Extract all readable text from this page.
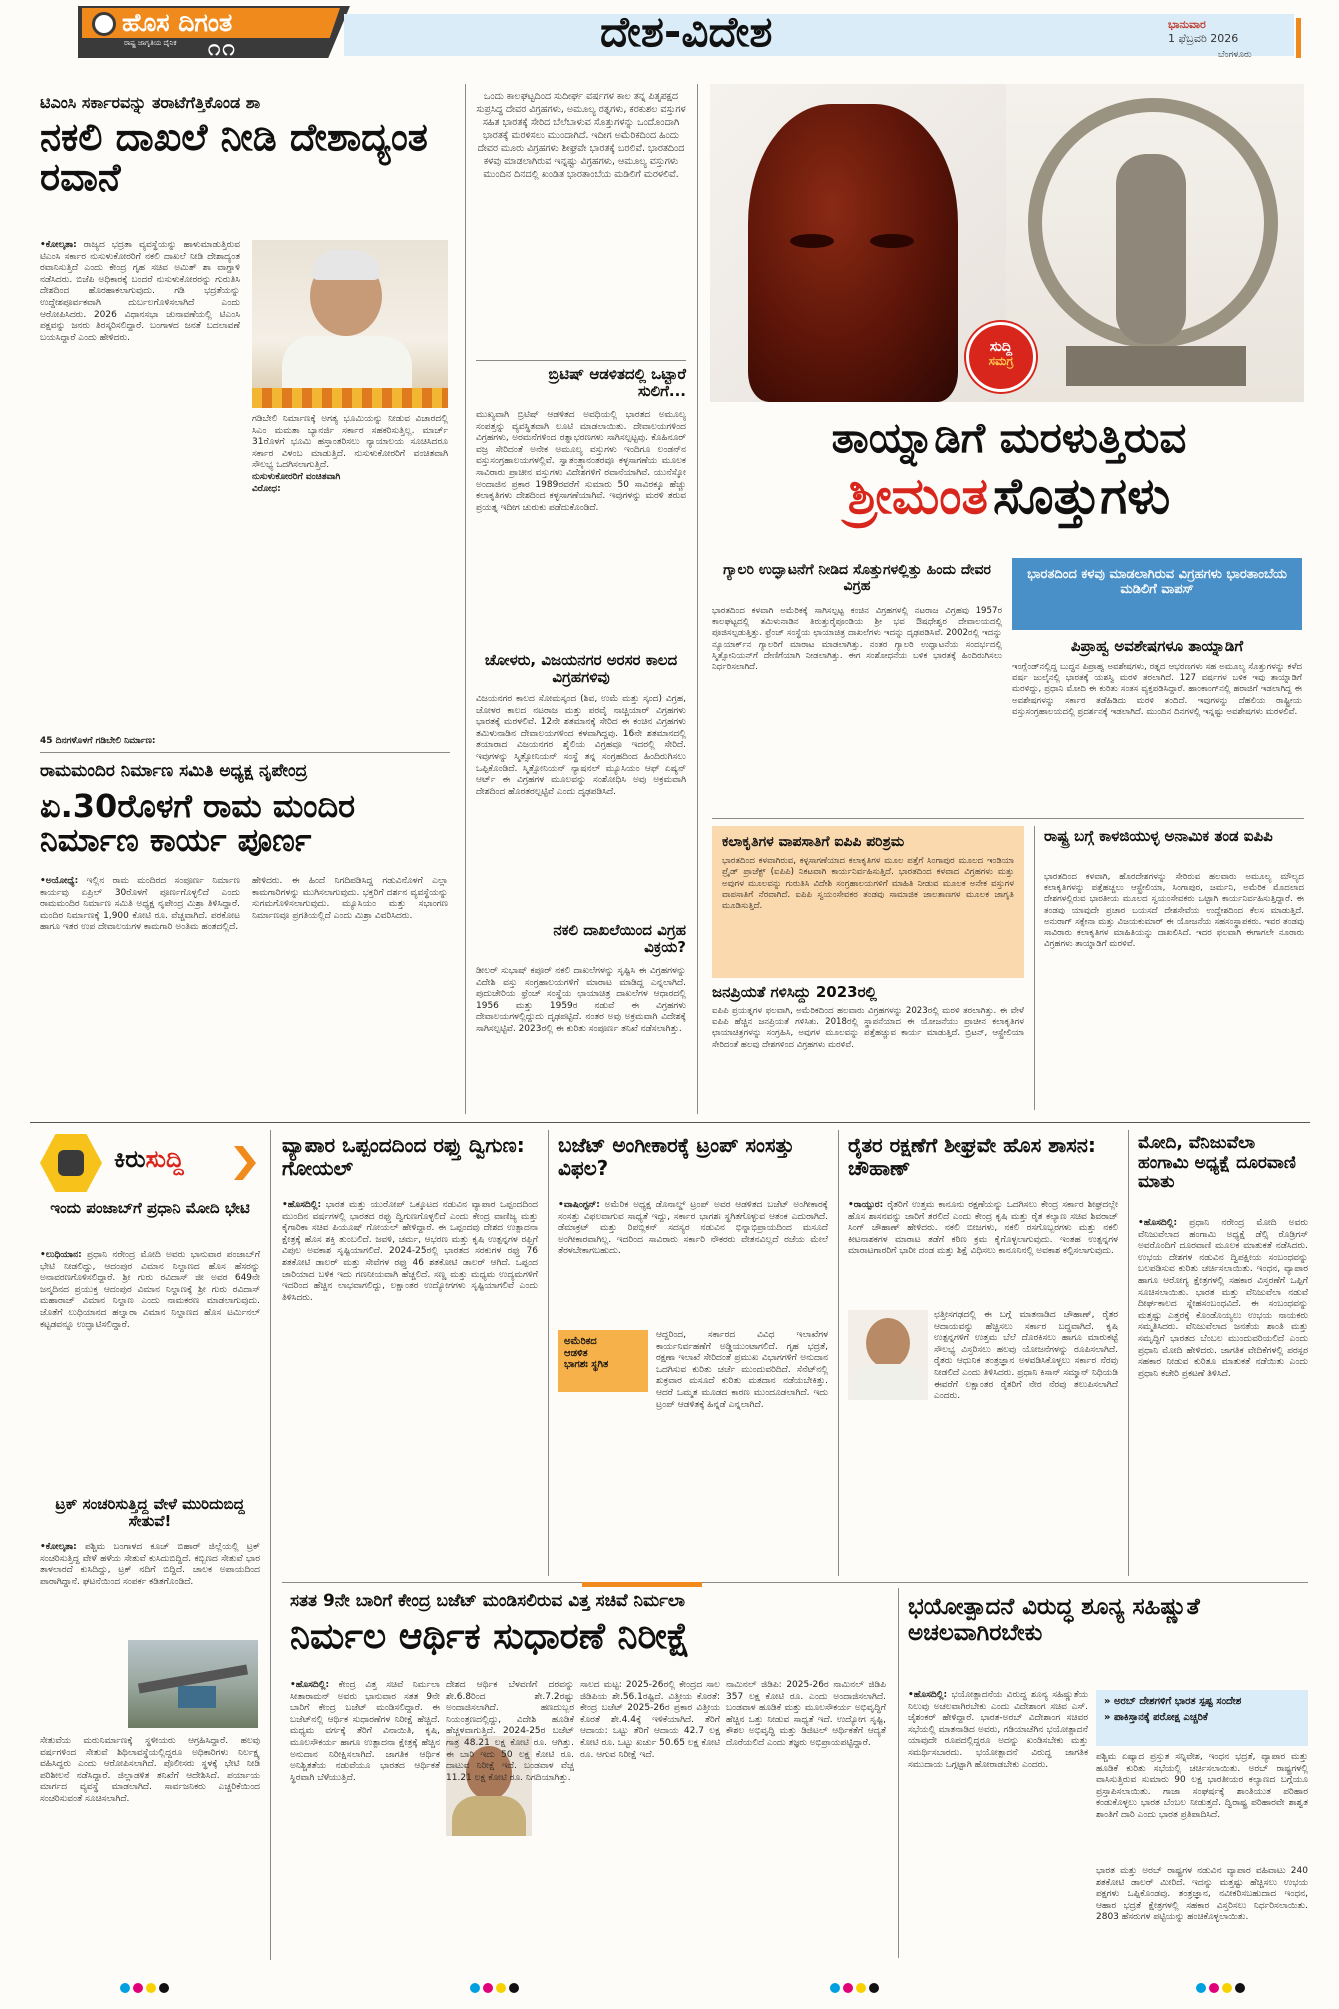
ಹೊಸ ದಿಗಂತ
ರಾಷ್ಟ್ರ ಜಾಗೃತಿಯ ದೈನಿಕ ೧೧	ದೇಶ-ವಿದೇಶ	ಭಾನುವಾರ
1 ಫೆಬ್ರವರಿ 2026
ಬೆಂಗಳೂರು
ಟಿಎಂಸಿ ಸರ್ಕಾರವನ್ನು ತರಾಟೆಗೆತ್ತಿಕೊಂಡ ಶಾ
ನಕಲಿ ದಾಖಲೆ ನೀಡಿ ದೇಶಾದ್ಯಂತ ರವಾನೆ
•ಕೋಲ್ಕತಾ: ರಾಜ್ಯದ ಭದ್ರತಾ ವ್ಯವಸ್ಥೆಯನ್ನು ಹಾಳುಮಾಡುತ್ತಿರುವ ಟಿಎಂಸಿ ಸರ್ಕಾರ ನುಸುಳುಕೋರರಿಗೆ ನಕಲಿ ದಾಖಲೆ ನೀಡಿ ದೇಶಾದ್ಯಂತ ರವಾನಿಸುತ್ತಿದೆ ಎಂದು ಕೇಂದ್ರ ಗೃಹ ಸಚಿವ ಅಮಿತ್ ಶಾ ವಾಗ್ದಾಳಿ ನಡೆಸಿದರು. ಬಿಜೆಪಿ ಅಧಿಕಾರಕ್ಕೆ ಬಂದರೆ ನುಸುಳುಕೋರರನ್ನು ಗುರುತಿಸಿ ದೇಶದಿಂದ ಹೊರಹಾಕಲಾಗುವುದು. ಗಡಿ ಭದ್ರತೆಯನ್ನು ಉದ್ದೇಶಪೂರ್ವಕವಾಗಿ ದುರ್ಬಲಗೊಳಿಸಲಾಗಿದೆ ಎಂದು ಆರೋಪಿಸಿದರು. 2026 ವಿಧಾನಸಭಾ ಚುನಾವಣೆಯಲ್ಲಿ ಟಿಎಂಸಿ ಪಕ್ಷವನ್ನು ಜನರು ತಿರಸ್ಕರಿಸಲಿದ್ದಾರೆ. ಬಂಗಾಳದ ಜನತೆ ಬದಲಾವಣೆ ಬಯಸಿದ್ದಾರೆ ಎಂದು ಹೇಳಿದರು.
ಗಡಿಬೇಲಿ ನಿರ್ಮಾಣಕ್ಕೆ ಅಗತ್ಯ ಭೂಮಿಯನ್ನು ನೀಡುವ ವಿಚಾರದಲ್ಲಿ ಸಿಎಂ ಮಮತಾ ಬ್ಯಾನರ್ಜಿ ಸರ್ಕಾರ ಸಹಕರಿಸುತ್ತಿಲ್ಲ. ಮಾರ್ಚ್ 31ರೊಳಗೆ ಭೂಮಿ ಹಸ್ತಾಂತರಿಸಲು ನ್ಯಾಯಾಲಯ ಸೂಚಿಸಿದರೂ ಸರ್ಕಾರ ವಿಳಂಬ ಮಾಡುತ್ತಿದೆ. ನುಸುಳುಕೋರರಿಗೆ ವಂಚಿತವಾಗಿ ಸೌಲಭ್ಯ ಒದಗಿಸಲಾಗುತ್ತಿದೆ.
ನುಸುಳುಕೋರರಿಗೆ ವಂಚಿತವಾಗಿ
ವಿರೋಧ:
45 ದಿನಗಳೊಳಗೆ ಗಡಿಬೇಲಿ ನಿರ್ಮಾಣ:
ರಾಮಮಂದಿರ ನಿರ್ಮಾಣ ಸಮಿತಿ ಅಧ್ಯಕ್ಷ ನೃಪೇಂದ್ರ
ಏ.30ರೊಳಗೆ ರಾಮ ಮಂದಿರ ನಿರ್ಮಾಣ ಕಾರ್ಯ ಪೂರ್ಣ
•ಅಯೋಧ್ಯೆ: ಇಲ್ಲಿನ ರಾಮ ಮಂದಿರದ ಸಂಪೂರ್ಣ ನಿರ್ಮಾಣ ಕಾರ್ಯವು ಏಪ್ರಿಲ್ 30ರೊಳಗೆ ಪೂರ್ಣಗೊಳ್ಳಲಿದೆ ಎಂದು ರಾಮಮಂದಿರ ನಿರ್ಮಾಣ ಸಮಿತಿ ಅಧ್ಯಕ್ಷ ನೃಪೇಂದ್ರ ಮಿಶ್ರಾ ತಿಳಿಸಿದ್ದಾರೆ. ಮಂದಿರ ನಿರ್ಮಾಣಕ್ಕೆ 1,900 ಕೋಟಿ ರೂ. ವೆಚ್ಚವಾಗಿದೆ. ಪರಕೋಟ ಹಾಗೂ ಇತರ ಉಪ ದೇವಾಲಯಗಳ ಕಾಮಗಾರಿ ಅಂತಿಮ ಹಂತದಲ್ಲಿದೆ.
ಹೇಳಿದರು. ಈ ಹಿಂದೆ ನಿಗದಿಪಡಿಸಿದ್ದ ಗಡುವಿನೊಳಗೆ ಎಲ್ಲಾ ಕಾಮಗಾರಿಗಳನ್ನು ಮುಗಿಸಲಾಗುವುದು. ಭಕ್ತರಿಗೆ ದರ್ಶನ ವ್ಯವಸ್ಥೆಯನ್ನು ಸುಗಮಗೊಳಿಸಲಾಗುವುದು. ಮ್ಯೂಸಿಯಂ ಮತ್ತು ಸಭಾಂಗಣ ನಿರ್ಮಾಣವೂ ಪ್ರಗತಿಯಲ್ಲಿದೆ ಎಂದು ಮಿಶ್ರಾ ವಿವರಿಸಿದರು.
ಒಂದು ಕಾಲಘಟ್ಟದಿಂದ ಸುದೀರ್ಘ ವರ್ಷಗಳ ಕಾಲ ತನ್ನ ಪಿತೃಪಕ್ಷದ ಸುಪ್ರಸಿದ್ಧ ದೇವರ ವಿಗ್ರಹಗಳು, ಅಮೂಲ್ಯ ರತ್ನಗಳು, ಕರಕುಶಲ ವಸ್ತುಗಳ ಸಹಿತ ಭಾರತಕ್ಕೆ ಸೇರಿದ ಬೆಲೆಬಾಳುವ ಸೊತ್ತುಗಳನ್ನು ಒಂದೊಂದಾಗಿ ಭಾರತಕ್ಕೆ ಮರಳಿಸಲು ಮುಂದಾಗಿದೆ. ಇದೀಗ ಅಮೆರಿಕದಿಂದ ಹಿಂದು ದೇವರ ಮೂರು ವಿಗ್ರಹಗಳು ಶೀಘ್ರವೇ ಭಾರತಕ್ಕೆ ಬರಲಿವೆ. ಭಾರತದಿಂದ ಕಳವು ಮಾಡಲಾಗಿರುವ ಇನ್ನಷ್ಟು ವಿಗ್ರಹಗಳು, ಆಮೂಲ್ಯ ವಸ್ತುಗಳು ಮುಂದಿನ ದಿನದಲ್ಲಿ ಖಂಡಿತ ಭಾರತಾಂಬೆಯ ಮಡಿಲಿಗೆ ಮರಳಲಿವೆ.
ಬ್ರಿಟಿಷ್ ಆಡಳಿತದಲ್ಲಿ ಒಟ್ಟಾರೆ ಸುಲಿಗೆ...
ಮುಖ್ಯವಾಗಿ ಬ್ರಿಟಿಷ್ ಆಡಳಿತದ ಅವಧಿಯಲ್ಲಿ ಭಾರತದ ಅಮೂಲ್ಯ ಸಂಪತ್ತನ್ನು ವ್ಯವಸ್ಥಿತವಾಗಿ ಲೂಟಿ ಮಾಡಲಾಯಿತು. ದೇವಾಲಯಗಳಿಂದ ವಿಗ್ರಹಗಳು, ಅರಮನೆಗಳಿಂದ ರತ್ನಾಭರಣಗಳು ಸಾಗಿಸಲ್ಪಟ್ಟವು. ಕೊಹಿನೂರ್ ವಜ್ರ ಸೇರಿದಂತೆ ಅನೇಕ ಅಮೂಲ್ಯ ವಸ್ತುಗಳು ಇಂದಿಗೂ ಲಂಡನ್‌ನ ವಸ್ತುಸಂಗ್ರಹಾಲಯಗಳಲ್ಲಿವೆ. ಸ್ವಾತಂತ್ರ್ಯಾನಂತರವೂ ಕಳ್ಳಸಾಗಣೆಯ ಮೂಲಕ ಸಾವಿರಾರು ಪ್ರಾಚೀನ ವಸ್ತುಗಳು ವಿದೇಶಗಳಿಗೆ ರವಾನೆಯಾಗಿವೆ. ಯುನೆಸ್ಕೋ ಅಂದಾಜಿನ ಪ್ರಕಾರ 1989ರವರೆಗೆ ಸುಮಾರು 50 ಸಾವಿರಕ್ಕೂ ಹೆಚ್ಚು ಕಲಾಕೃತಿಗಳು ದೇಶದಿಂದ ಕಳ್ಳಸಾಗಣೆಯಾಗಿವೆ. ಇವುಗಳನ್ನು ಮರಳಿ ತರುವ ಪ್ರಯತ್ನ ಇದೀಗ ಚುರುಕು ಪಡೆದುಕೊಂಡಿದೆ.
ಚೋಳರು, ವಿಜಯನಗರ ಅರಸರ ಕಾಲದ ವಿಗ್ರಹಗಳಿವು
ವಿಜಯನಗರ ಕಾಲದ ಸೋಮಸ್ಕಂದ (ಶಿವ, ಉಮೆ ಮತ್ತು ಸ್ಕಂದ) ವಿಗ್ರಹ, ಚೋಳರ ಕಾಲದ ನಟರಾಜ ಮತ್ತು ಪರವೈ ನಾಚ್ಚಿಯಾರ್ ವಿಗ್ರಹಗಳು ಭಾರತಕ್ಕೆ ಮರಳಲಿವೆ. 12ನೇ ಶತಮಾನಕ್ಕೆ ಸೇರಿದ ಈ ಕಂಚಿನ ವಿಗ್ರಹಗಳು ತಮಿಳುನಾಡಿನ ದೇವಾಲಯಗಳಿಂದ ಕಳವಾಗಿದ್ದವು. 16ನೇ ಶತಮಾನದಲ್ಲಿ ತಯಾರಾದ ವಿಜಯನಗರ ಶೈಲಿಯ ವಿಗ್ರಹವೂ ಇದರಲ್ಲಿ ಸೇರಿದೆ. ಇವುಗಳನ್ನು ಸ್ಮಿತ್ಸೋನಿಯನ್ ಸಂಸ್ಥೆ ತನ್ನ ಸಂಗ್ರಹದಿಂದ ಹಿಂದಿರುಗಿಸಲು ಒಪ್ಪಿಕೊಂಡಿದೆ. ಸ್ಮಿತ್ಸೋನಿಯನ್ ನ್ಯಾಷನಲ್ ಮ್ಯೂಸಿಯಂ ಆಫ್ ಏಷ್ಯನ್ ಆರ್ಟ್ ಈ ವಿಗ್ರಹಗಳ ಮೂಲವನ್ನು ಸಂಶೋಧಿಸಿ ಅವು ಅಕ್ರಮವಾಗಿ ದೇಶದಿಂದ ಹೊರತರಲ್ಪಟ್ಟಿವೆ ಎಂದು ದೃಢಪಡಿಸಿದೆ.
ನಕಲಿ ದಾಖಲೆಯಿಂದ ವಿಗ್ರಹ ವಿಕ್ರಯ?
ಡೀಲರ್ ಸುಭಾಷ್ ಕಪೂರ್ ನಕಲಿ ದಾಖಲೆಗಳನ್ನು ಸೃಷ್ಟಿಸಿ ಈ ವಿಗ್ರಹಗಳನ್ನು ವಿದೇಶಿ ವಸ್ತು ಸಂಗ್ರಹಾಲಯಗಳಿಗೆ ಮಾರಾಟ ಮಾಡಿದ್ದ ಎನ್ನಲಾಗಿದೆ. ಪುದುಚೇರಿಯ ಫ್ರೆಂಚ್ ಸಂಸ್ಥೆಯ ಛಾಯಾಚಿತ್ರ ದಾಖಲೆಗಳ ಆಧಾರದಲ್ಲಿ 1956 ಮತ್ತು 1959ರ ನಡುವೆ ಈ ವಿಗ್ರಹಗಳು ದೇವಾಲಯಗಳಲ್ಲಿದ್ದುದು ದೃಢಪಟ್ಟಿದೆ. ನಂತರ ಅವು ಅಕ್ರಮವಾಗಿ ವಿದೇಶಕ್ಕೆ ಸಾಗಿಸಲ್ಪಟ್ಟಿವೆ. 2023ರಲ್ಲಿ ಈ ಕುರಿತು ಸಂಪೂರ್ಣ ತನಿಖೆ ನಡೆಸಲಾಗಿತ್ತು.
ಸುದ್ದಿ
ಸಮಗ್ರ
ತಾಯ್ನಾಡಿಗೆ ಮರಳುತ್ತಿರುವ
ಶ್ರೀಮಂತ ಸೊತ್ತುಗಳು
ಗ್ಯಾಲರಿ ಉದ್ಘಾಟನೆಗೆ ನೀಡಿದ ಸೊತ್ತುಗಳಲ್ಲಿತ್ತು ಹಿಂದು ದೇವರ ವಿಗ್ರಹ
ಭಾರತದಿಂದ ಕಳವಾಗಿ ಅಮೆರಿಕಕ್ಕೆ ಸಾಗಿಸಲ್ಪಟ್ಟ ಕಂಚಿನ ವಿಗ್ರಹಗಳಲ್ಲಿ ನಟರಾಜ ವಿಗ್ರಹವು 1957ರ ಕಾಲಘಟ್ಟದಲ್ಲಿ ತಮಿಳುನಾಡಿನ ತಿರುತ್ತುರೈಪೂಂಡಿಯ ಶ್ರೀ ಭವ ಔಷಧೇಶ್ವರ ದೇವಾಲಯದಲ್ಲಿ ಪೂಜಿಸಲ್ಪಡುತ್ತಿತ್ತು. ಫ್ರೆಂಚ್ ಸಂಸ್ಥೆಯ ಛಾಯಾಚಿತ್ರ ದಾಖಲೆಗಳು ಇದನ್ನು ದೃಢಪಡಿಸಿವೆ. 2002ರಲ್ಲಿ ಇದನ್ನು ನ್ಯೂಯಾರ್ಕ್‌ನ ಗ್ಯಾಲರಿಗೆ ಮಾರಾಟ ಮಾಡಲಾಗಿತ್ತು. ನಂತರ ಗ್ಯಾಲರಿ ಉದ್ಘಾಟನೆಯ ಸಂದರ್ಭದಲ್ಲಿ ಸ್ಮಿತ್ಸೋನಿಯನ್‌ಗೆ ದೇಣಿಗೆಯಾಗಿ ನೀಡಲಾಗಿತ್ತು. ಈಗ ಸಂಶೋಧನೆಯ ಬಳಿಕ ಭಾರತಕ್ಕೆ ಹಿಂದಿರುಗಿಸಲು ನಿರ್ಧರಿಸಲಾಗಿದೆ.
ಭಾರತದಿಂದ ಕಳವು ಮಾಡಲಾಗಿರುವ ವಿಗ್ರಹಗಳು ಭಾರತಾಂಬೆಯ ಮಡಿಲಿಗೆ ವಾಪಸ್
ಪಿಪ್ರಾಹ್ವ ಅವಶೇಷಗಳೂ ತಾಯ್ನಾಡಿಗೆ
ಇಂಗ್ಲೆಂಡ್‌ನಲ್ಲಿದ್ದ ಬುದ್ಧನ ಪಿಪ್ರಾಹ್ವ ಅವಶೇಷಗಳು, ರತ್ನದ ಆಭರಣಗಳು ಸಹ ಅಮೂಲ್ಯ ಸೊತ್ತುಗಳನ್ನು ಕಳೆದ ವರ್ಷ ಜುಲೈನಲ್ಲಿ ಭಾರತಕ್ಕೆ ಯಶಸ್ವಿ ಮರಳಿ ತರಲಾಗಿದೆ. 127 ವರ್ಷಗಳ ಬಳಿಕ ಇವು ತಾಯ್ನಾಡಿಗೆ ಮರಳಿದ್ದು, ಪ್ರಧಾನಿ ಮೋದಿ ಈ ಕುರಿತು ಸಂತಸ ವ್ಯಕ್ತಪಡಿಸಿದ್ದಾರೆ. ಹಾಂಕಾಂಗ್‌ನಲ್ಲಿ ಹರಾಜಿಗೆ ಇಡಲಾಗಿದ್ದ ಈ ಅವಶೇಷಗಳನ್ನು ಸರ್ಕಾರ ತಡೆಹಿಡಿದು ಮರಳಿ ತಂದಿದೆ. ಇವುಗಳನ್ನು ದೆಹಲಿಯ ರಾಷ್ಟ್ರೀಯ ವಸ್ತುಸಂಗ್ರಹಾಲಯದಲ್ಲಿ ಪ್ರದರ್ಶನಕ್ಕೆ ಇಡಲಾಗಿದೆ. ಮುಂದಿನ ದಿನಗಳಲ್ಲಿ ಇನ್ನಷ್ಟು ಅವಶೇಷಗಳು ಮರಳಲಿವೆ.
ಕಲಾಕೃತಿಗಳ ವಾಪಸಾತಿಗೆ ಐಪಿಪಿ ಪರಿಶ್ರಮ
ಭಾರತದಿಂದ ಕಳವಾಗಿರುವ, ಕಳ್ಳಸಾಗಣೆಯಾದ ಕಲಾಕೃತಿಗಳ ಮೂಲ ಪತ್ತೆಗೆ ಸಿಂಗಾಪುರ ಮೂಲದ ಇಂಡಿಯಾ ಪ್ರೈಡ್ ಪ್ರಾಜೆಕ್ಟ್ (ಐಪಿಪಿ) ನಿಕಟವಾಗಿ ಕಾರ್ಯನಿರ್ವಹಿಸುತ್ತಿದೆ. ಭಾರತದಿಂದ ಕಳವಾದ ವಿಗ್ರಹಗಳು ಮತ್ತು ಅವುಗಳ ಮೂಲವನ್ನು ಗುರುತಿಸಿ ವಿದೇಶಿ ಸಂಗ್ರಹಾಲಯಗಳಿಗೆ ಮಾಹಿತಿ ನೀಡುವ ಮೂಲಕ ಅನೇಕ ವಸ್ತುಗಳ ವಾಪಸಾತಿಗೆ ನೆರವಾಗಿದೆ. ಐಪಿಪಿ ಸ್ವಯಂಸೇವಕರ ತಂಡವು ಸಾಮಾಜಿಕ ಜಾಲತಾಣಗಳ ಮೂಲಕ ಜಾಗೃತಿ ಮೂಡಿಸುತ್ತಿದೆ.
ಜನಪ್ರಿಯತೆ ಗಳಿಸಿದ್ದು 2023ರಲ್ಲಿ
ಐಪಿಪಿ ಪ್ರಯತ್ನಗಳ ಫಲವಾಗಿ, ಅಮೆರಿಕದಿಂದ ಹಲವಾರು ವಿಗ್ರಹಗಳನ್ನು 2023ರಲ್ಲಿ ಮರಳಿ ತರಲಾಗಿತ್ತು. ಈ ವೇಳೆ ಐಪಿಪಿ ಹೆಚ್ಚಿನ ಜನಪ್ರಿಯತೆ ಗಳಿಸಿತು. 2018ರಲ್ಲಿ ಸ್ಥಾಪನೆಯಾದ ಈ ಯೋಜನೆಯು ಪ್ರಾಚೀನ ಕಲಾಕೃತಿಗಳ ಛಾಯಾಚಿತ್ರಗಳನ್ನು ಸಂಗ್ರಹಿಸಿ, ಅವುಗಳ ಮೂಲವನ್ನು ಪತ್ತೆಹಚ್ಚುವ ಕಾರ್ಯ ಮಾಡುತ್ತಿದೆ. ಬ್ರಿಟನ್, ಆಸ್ಟ್ರೇಲಿಯಾ ಸೇರಿದಂತೆ ಹಲವು ದೇಶಗಳಿಂದ ವಿಗ್ರಹಗಳು ಮರಳಿವೆ.
ರಾಷ್ಟ್ರ ಬಗ್ಗೆ ಕಾಳಜಿಯುಳ್ಳ ಅನಾಮಿಕ ತಂಡ ಐಪಿಪಿ
ಭಾರತದಿಂದ ಕಳವಾಗಿ, ಹೊರದೇಶಗಳನ್ನು ಸೇರಿರುವ ಹಲವಾರು ಅಮೂಲ್ಯ ಮೌಲ್ಯದ ಕಲಾಕೃತಿಗಳನ್ನು ಪತ್ತೆಹಚ್ಚಲು ಆಸ್ಟ್ರೇಲಿಯಾ, ಸಿಂಗಾಪುರ, ಜರ್ಮನಿ, ಅಮೆರಿಕ ಮೊದಲಾದ ದೇಶಗಳಲ್ಲಿರುವ ಭಾರತೀಯ ಮೂಲದ ಸ್ವಯಂಸೇವಕರು ಒಟ್ಟಾಗಿ ಕಾರ್ಯನಿರ್ವಹಿಸುತ್ತಿದ್ದಾರೆ. ಈ ತಂಡವು ಯಾವುದೇ ಪ್ರಚಾರ ಬಯಸದೆ ದೇಶಸೇವೆಯ ಉದ್ದೇಶದಿಂದ ಕೆಲಸ ಮಾಡುತ್ತಿದೆ. ಅನುರಾಗ್ ಸಕ್ಸೇನಾ ಮತ್ತು ವಿಜಯಕುಮಾರ್ ಈ ಯೋಜನೆಯ ಸಹಸಂಸ್ಥಾಪಕರು. ಇವರ ತಂಡವು ಸಾವಿರಾರು ಕಲಾಕೃತಿಗಳ ಮಾಹಿತಿಯನ್ನು ದಾಖಲಿಸಿದೆ. ಇದರ ಫಲವಾಗಿ ಈಗಾಗಲೇ ನೂರಾರು ವಿಗ್ರಹಗಳು ತಾಯ್ನಾಡಿಗೆ ಮರಳಿವೆ.
ಕಿರುಸುದ್ದಿ
ಇಂದು ಪಂಜಾಬ್‌ಗೆ ಪ್ರಧಾನಿ ಮೋದಿ ಭೇಟಿ
•ಲುಧಿಯಾನ: ಪ್ರಧಾನಿ ನರೇಂದ್ರ ಮೋದಿ ಅವರು ಭಾನುವಾರ ಪಂಜಾಬ್‌ಗೆ ಭೇಟಿ ನೀಡಲಿದ್ದು, ಆದಂಪುರ ವಿಮಾನ ನಿಲ್ದಾಣದ ಹೊಸ ಹೆಸರನ್ನು ಅನಾವರಣಗೊಳಿಸಲಿದ್ದಾರೆ. ಶ್ರೀ ಗುರು ರವಿದಾಸ್ ಜೀ ಅವರ 649ನೇ ಜನ್ಮದಿನದ ಪ್ರಯುಕ್ತ ಆದಂಪುರ ವಿಮಾನ ನಿಲ್ದಾಣಕ್ಕೆ ಶ್ರೀ ಗುರು ರವಿದಾಸ್ ಮಹಾರಾಜ್ ವಿಮಾನ ನಿಲ್ದಾಣ ಎಂದು ನಾಮಕರಣ ಮಾಡಲಾಗುವುದು. ಜೊತೆಗೆ ಲುಧಿಯಾನದ ಹಲ್ವಾರಾ ವಿಮಾನ ನಿಲ್ದಾಣದ ಹೊಸ ಟರ್ಮಿನಲ್ ಕಟ್ಟಡವನ್ನೂ ಉದ್ಘಾಟಿಸಲಿದ್ದಾರೆ.
ಟ್ರಕ್ ಸಂಚರಿಸುತ್ತಿದ್ದ ವೇಳೆ ಮುರಿದುಬಿದ್ದ ಸೇತುವೆ!
•ಕೋಲ್ಕತಾ: ಪಶ್ಚಿಮ ಬಂಗಾಳದ ಕೂಚ್ ಬಿಹಾರ್ ಜಿಲ್ಲೆಯಲ್ಲಿ ಟ್ರಕ್ ಸಂಚರಿಸುತ್ತಿದ್ದ ವೇಳೆ ಹಳೆಯ ಸೇತುವೆ ಕುಸಿದುಬಿದ್ದಿದೆ. ಕಬ್ಬಿಣದ ಸೇತುವೆ ಭಾರ ತಾಳಲಾರದೆ ಕುಸಿದಿದ್ದು, ಟ್ರಕ್ ನದಿಗೆ ಬಿದ್ದಿದೆ. ಚಾಲಕ ಅಪಾಯದಿಂದ ಪಾರಾಗಿದ್ದಾನೆ. ಘಟನೆಯಿಂದ ಸಂಪರ್ಕ ಕಡಿತಗೊಂಡಿದೆ.
ಸೇತುವೆಯ ಮರುನಿರ್ಮಾಣಕ್ಕೆ ಸ್ಥಳೀಯರು ಆಗ್ರಹಿಸಿದ್ದಾರೆ. ಹಲವು ವರ್ಷಗಳಿಂದ ಸೇತುವೆ ಶಿಥಿಲಾವಸ್ಥೆಯಲ್ಲಿದ್ದರೂ ಅಧಿಕಾರಿಗಳು ನಿರ್ಲಕ್ಷ್ಯ ವಹಿಸಿದ್ದರು ಎಂದು ಆರೋಪಿಸಲಾಗಿದೆ. ಪೊಲೀಸರು ಸ್ಥಳಕ್ಕೆ ಭೇಟಿ ನೀಡಿ ಪರಿಶೀಲನೆ ನಡೆಸಿದ್ದಾರೆ. ಜಿಲ್ಲಾಡಳಿತ ತನಿಖೆಗೆ ಆದೇಶಿಸಿದೆ. ಪರ್ಯಾಯ ಮಾರ್ಗದ ವ್ಯವಸ್ಥೆ ಮಾಡಲಾಗಿದೆ. ಸಾರ್ವಜನಿಕರು ಎಚ್ಚರಿಕೆಯಿಂದ ಸಂಚರಿಸುವಂತೆ ಸೂಚಿಸಲಾಗಿದೆ.
ವ್ಯಾಪಾರ ಒಪ್ಪಂದದಿಂದ ರಫ್ತು ದ್ವಿಗುಣ: ಗೋಯಲ್
•ಹೊಸದಿಲ್ಲಿ: ಭಾರತ ಮತ್ತು ಯುರೋಪ್ ಒಕ್ಕೂಟದ ನಡುವಿನ ವ್ಯಾಪಾರ ಒಪ್ಪಂದದಿಂದ ಮುಂದಿನ ವರ್ಷಗಳಲ್ಲಿ ಭಾರತದ ರಫ್ತು ದ್ವಿಗುಣಗೊಳ್ಳಲಿದೆ ಎಂದು ಕೇಂದ್ರ ವಾಣಿಜ್ಯ ಮತ್ತು ಕೈಗಾರಿಕಾ ಸಚಿವ ಪಿಯೂಷ್ ಗೋಯಲ್ ಹೇಳಿದ್ದಾರೆ. ಈ ಒಪ್ಪಂದವು ದೇಶದ ಉತ್ಪಾದನಾ ಕ್ಷೇತ್ರಕ್ಕೆ ಹೊಸ ಶಕ್ತಿ ತುಂಬಲಿದೆ. ಜವಳಿ, ಚರ್ಮ, ಆಭರಣ ಮತ್ತು ಕೃಷಿ ಉತ್ಪನ್ನಗಳ ರಫ್ತಿಗೆ ವಿಪುಲ ಅವಕಾಶ ಸೃಷ್ಟಿಯಾಗಲಿದೆ. 2024-25ರಲ್ಲಿ ಭಾರತದ ಸರಕುಗಳ ರಫ್ತು 76 ಶತಕೋಟಿ ಡಾಲರ್ ಮತ್ತು ಸೇವೆಗಳ ರಫ್ತು 46 ಶತಕೋಟಿ ಡಾಲರ್ ಆಗಿದೆ. ಒಪ್ಪಂದ ಜಾರಿಯಾದ ಬಳಿಕ ಇದು ಗಣನೀಯವಾಗಿ ಹೆಚ್ಚಲಿದೆ. ಸಣ್ಣ ಮತ್ತು ಮಧ್ಯಮ ಉದ್ಯಮಗಳಿಗೆ ಇದರಿಂದ ಹೆಚ್ಚಿನ ಲಾಭವಾಗಲಿದ್ದು, ಲಕ್ಷಾಂತರ ಉದ್ಯೋಗಗಳು ಸೃಷ್ಟಿಯಾಗಲಿವೆ ಎಂದು ತಿಳಿಸಿದರು.
ಬಜೆಟ್ ಅಂಗೀಕಾರಕ್ಕೆ ಟ್ರಂಪ್ ಸಂಸತ್ತು ವಿಫಲ?
•ವಾಷಿಂಗ್ಟನ್: ಅಮೆರಿಕ ಅಧ್ಯಕ್ಷ ಡೊನಾಲ್ಡ್ ಟ್ರಂಪ್ ಅವರ ಆಡಳಿತದ ಬಜೆಟ್ ಅಂಗೀಕಾರಕ್ಕೆ ಸಂಸತ್ತು ವಿಫಲವಾಗುವ ಸಾಧ್ಯತೆ ಇದ್ದು, ಸರ್ಕಾರ ಭಾಗಶಃ ಸ್ಥಗಿತಗೊಳ್ಳುವ ಆತಂಕ ಎದುರಾಗಿದೆ. ಡೆಮಾಕ್ರಟ್ ಮತ್ತು ರಿಪಬ್ಲಿಕನ್ ಸದಸ್ಯರ ನಡುವಿನ ಭಿನ್ನಾಭಿಪ್ರಾಯದಿಂದ ಮಸೂದೆ ಅಂಗೀಕಾರವಾಗಿಲ್ಲ. ಇದರಿಂದ ಸಾವಿರಾರು ಸರ್ಕಾರಿ ನೌಕರರು ವೇತನವಿಲ್ಲದೆ ರಜೆಯ ಮೇಲೆ ತೆರಳಬೇಕಾಗಬಹುದು.
ಅಮೆರಿಕದ
ಆಡಳಿತ
ಭಾಗಶಃ ಸ್ಥಗಿತ
ಆದ್ದರಿಂದ, ಸರ್ಕಾರದ ವಿವಿಧ ಇಲಾಖೆಗಳ ಕಾರ್ಯನಿರ್ವಹಣೆಗೆ ಅಡ್ಡಿಯುಂಟಾಗಲಿದೆ. ಗೃಹ ಭದ್ರತೆ, ರಕ್ಷಣಾ ಇಲಾಖೆ ಸೇರಿದಂತೆ ಪ್ರಮುಖ ವಿಭಾಗಗಳಿಗೆ ಅನುದಾನ ಒದಗಿಸುವ ಕುರಿತು ಚರ್ಚೆ ಮುಂದುವರಿದಿದೆ. ಸೆನೆಟ್‌ನಲ್ಲಿ ಶುಕ್ರವಾರ ಮಸೂದೆ ಕುರಿತು ಮತದಾನ ನಡೆಯಬೇಕಿತ್ತು. ಆದರೆ ಒಮ್ಮತ ಮೂಡದ ಕಾರಣ ಮುಂದೂಡಲಾಗಿದೆ. ಇದು ಟ್ರಂಪ್ ಆಡಳಿತಕ್ಕೆ ಹಿನ್ನಡೆ ಎನ್ನಲಾಗಿದೆ.
ರೈತರ ರಕ್ಷಣೆಗೆ ಶೀಘ್ರವೇ ಹೊಸ ಶಾಸನ: ಚೌಹಾಣ್
•ರಾಯ್ಪುರ: ರೈತರಿಗೆ ಉತ್ತಮ ಕಾನೂನು ರಕ್ಷಣೆಯನ್ನು ಒದಗಿಸಲು ಕೇಂದ್ರ ಸರ್ಕಾರ ಶೀಘ್ರದಲ್ಲೇ ಹೊಸ ಶಾಸನವನ್ನು ಜಾರಿಗೆ ತರಲಿದೆ ಎಂದು ಕೇಂದ್ರ ಕೃಷಿ ಮತ್ತು ರೈತ ಕಲ್ಯಾಣ ಸಚಿವ ಶಿವರಾಜ್ ಸಿಂಗ್ ಚೌಹಾಣ್ ಹೇಳಿದರು. ನಕಲಿ ಬೀಜಗಳು, ನಕಲಿ ರಸಗೊಬ್ಬರಗಳು ಮತ್ತು ನಕಲಿ ಕೀಟನಾಶಕಗಳ ಮಾರಾಟ ತಡೆಗೆ ಕಠಿಣ ಕ್ರಮ ಕೈಗೊಳ್ಳಲಾಗುವುದು. ಇಂತಹ ಉತ್ಪನ್ನಗಳ ಮಾರಾಟಗಾರರಿಗೆ ಭಾರೀ ದಂಡ ಮತ್ತು ಶಿಕ್ಷೆ ವಿಧಿಸಲು ಕಾನೂನಿನಲ್ಲಿ ಅವಕಾಶ ಕಲ್ಪಿಸಲಾಗುವುದು.
ಛತ್ತೀಸಗಢದಲ್ಲಿ ಈ ಬಗ್ಗೆ ಮಾತನಾಡಿದ ಚೌಹಾಣ್, ರೈತರ ಆದಾಯವನ್ನು ಹೆಚ್ಚಿಸಲು ಸರ್ಕಾರ ಬದ್ಧವಾಗಿದೆ. ಕೃಷಿ ಉತ್ಪನ್ನಗಳಿಗೆ ಉತ್ತಮ ಬೆಲೆ ದೊರಕಿಸಲು ಹಾಗೂ ಮಾರುಕಟ್ಟೆ ಸೌಲಭ್ಯ ವಿಸ್ತರಿಸಲು ಹಲವು ಯೋಜನೆಗಳನ್ನು ರೂಪಿಸಲಾಗಿದೆ. ರೈತರು ಆಧುನಿಕ ತಂತ್ರಜ್ಞಾನ ಅಳವಡಿಸಿಕೊಳ್ಳಲು ಸರ್ಕಾರ ನೆರವು ನೀಡಲಿದೆ ಎಂದು ತಿಳಿಸಿದರು. ಪ್ರಧಾನಿ ಕಿಸಾನ್ ಸಮ್ಮಾನ್ ನಿಧಿಯಡಿ ಈವರೆಗೆ ಲಕ್ಷಾಂತರ ರೈತರಿಗೆ ನೇರ ನೆರವು ತಲುಪಿಸಲಾಗಿದೆ ಎಂದರು.
ಮೋದಿ, ವೆನಿಜುವೆಲಾ ಹಂಗಾಮಿ ಅಧ್ಯಕ್ಷೆ ದೂರವಾಣಿ ಮಾತು
•ಹೊಸದಿಲ್ಲಿ: ಪ್ರಧಾನಿ ನರೇಂದ್ರ ಮೋದಿ ಅವರು ವೆನಿಜುವೆಲಾದ ಹಂಗಾಮಿ ಅಧ್ಯಕ್ಷೆ ಡೆಲ್ಸಿ ರೊಡ್ರಿಗಸ್ ಅವರೊಂದಿಗೆ ದೂರವಾಣಿ ಮೂಲಕ ಮಾತುಕತೆ ನಡೆಸಿದರು. ಉಭಯ ದೇಶಗಳ ನಡುವಿನ ದ್ವಿಪಕ್ಷೀಯ ಸಂಬಂಧವನ್ನು ಬಲಪಡಿಸುವ ಕುರಿತು ಚರ್ಚಿಸಲಾಯಿತು. ಇಂಧನ, ವ್ಯಾಪಾರ ಹಾಗೂ ಆರೋಗ್ಯ ಕ್ಷೇತ್ರಗಳಲ್ಲಿ ಸಹಕಾರ ವಿಸ್ತರಣೆಗೆ ಒಪ್ಪಿಗೆ ಸೂಚಿಸಲಾಯಿತು. ಭಾರತ ಮತ್ತು ವೆನಿಜುವೆಲಾ ನಡುವೆ ದೀರ್ಘಕಾಲದ ಸ್ನೇಹಸಂಬಂಧವಿದೆ. ಈ ಸಂಬಂಧವನ್ನು ಮತ್ತಷ್ಟು ಎತ್ತರಕ್ಕೆ ಕೊಂಡೊಯ್ಯಲು ಉಭಯ ನಾಯಕರು ಸಮ್ಮತಿಸಿದರು. ವೆನಿಜುವೆಲಾದ ಜನತೆಯ ಶಾಂತಿ ಮತ್ತು ಸಮೃದ್ಧಿಗೆ ಭಾರತದ ಬೆಂಬಲ ಮುಂದುವರಿಯಲಿದೆ ಎಂದು ಪ್ರಧಾನಿ ಮೋದಿ ಹೇಳಿದರು. ಜಾಗತಿಕ ವೇದಿಕೆಗಳಲ್ಲಿ ಪರಸ್ಪರ ಸಹಕಾರ ನೀಡುವ ಕುರಿತೂ ಮಾತುಕತೆ ನಡೆಯಿತು ಎಂದು ಪ್ರಧಾನಿ ಕಚೇರಿ ಪ್ರಕಟಣೆ ತಿಳಿಸಿದೆ.
ಸತತ 9ನೇ ಬಾರಿಗೆ ಕೇಂದ್ರ ಬಜೆಟ್ ಮಂಡಿಸಲಿರುವ ವಿತ್ತ ಸಚಿವೆ ನಿರ್ಮಲಾ
ನಿರ್ಮಲ ಆರ್ಥಿಕ ಸುಧಾರಣೆ ನಿರೀಕ್ಷೆ
•ಹೊಸದಿಲ್ಲಿ: ಕೇಂದ್ರ ವಿತ್ತ ಸಚಿವೆ ನಿರ್ಮಲಾ ಸೀತಾರಾಮನ್ ಅವರು ಭಾನುವಾರ ಸತತ 9ನೇ ಬಾರಿಗೆ ಕೇಂದ್ರ ಬಜೆಟ್ ಮಂಡಿಸಲಿದ್ದಾರೆ. ಈ ಬಜೆಟ್‌ನಲ್ಲಿ ಆರ್ಥಿಕ ಸುಧಾರಣೆಗಳ ನಿರೀಕ್ಷೆ ಹೆಚ್ಚಿದೆ. ಮಧ್ಯಮ ವರ್ಗಕ್ಕೆ ತೆರಿಗೆ ವಿನಾಯಿತಿ, ಕೃಷಿ, ಮೂಲಸೌಕರ್ಯ ಹಾಗೂ ಉತ್ಪಾದನಾ ಕ್ಷೇತ್ರಕ್ಕೆ ಹೆಚ್ಚಿನ ಅನುದಾನ ನಿರೀಕ್ಷಿಸಲಾಗಿದೆ. ಜಾಗತಿಕ ಆರ್ಥಿಕ ಅನಿಶ್ಚಿತತೆಯ ನಡುವೆಯೂ ಭಾರತದ ಆರ್ಥಿಕತೆ ಸ್ಥಿರವಾಗಿ ಬೆಳೆಯುತ್ತಿದೆ.
ದೇಶದ ಆರ್ಥಿಕ ಬೆಳವಣಿಗೆ ದರವನ್ನು ಶೇ.6.8ರಿಂದ ಶೇ.7.2ರಷ್ಟು ಅಂದಾಜಿಸಲಾಗಿದೆ. ಹಣದುಬ್ಬರ ನಿಯಂತ್ರಣದಲ್ಲಿದ್ದು, ವಿದೇಶಿ ಹೂಡಿಕೆ ಹೆಚ್ಚಳವಾಗುತ್ತಿದೆ. 2024-25ರ ಬಜೆಟ್ ಗಾತ್ರ 48.21 ಲಕ್ಷ ಕೋಟಿ ರೂ. ಆಗಿತ್ತು. ಈ ಬಾರಿ ಇದು 50 ಲಕ್ಷ ಕೋಟಿ ರೂ. ದಾಟುವ ನಿರೀಕ್ಷೆ ಇದೆ. ಬಂಡವಾಳ ವೆಚ್ಚ 11.21 ಲಕ್ಷ ಕೋಟಿ ರೂ. ನಿಗದಿಯಾಗಿತ್ತು.
ಸಾಲದ ಮಟ್ಟ: 2025-26ರಲ್ಲಿ ಕೇಂದ್ರದ ಸಾಲ ಜಿಡಿಪಿಯ ಶೇ.56.1ರಷ್ಟಿದೆ. ವಿತ್ತೀಯ ಕೊರತೆ: ಕೇಂದ್ರ ಬಜೆಟ್ 2025-26ರ ಪ್ರಕಾರ ವಿತ್ತೀಯ ಕೊರತೆ ಶೇ.4.4ಕ್ಕೆ ಇಳಿಕೆಯಾಗಿದೆ. ತೆರಿಗೆ ಆದಾಯ: ಒಟ್ಟು ತೆರಿಗೆ ಆದಾಯ 42.7 ಲಕ್ಷ ಕೋಟಿ ರೂ. ಒಟ್ಟು ಖರ್ಚು 50.65 ಲಕ್ಷ ಕೋಟಿ ರೂ. ಆಗುವ ನಿರೀಕ್ಷೆ ಇದೆ.
ನಾಮಿನಲ್ ಜಿಡಿಪಿ: 2025-26ರ ನಾಮಿನಲ್ ಜಿಡಿಪಿ 357 ಲಕ್ಷ ಕೋಟಿ ರೂ. ಎಂದು ಅಂದಾಜಿಸಲಾಗಿದೆ. ಬಂಡವಾಳ ಹೂಡಿಕೆ ಮತ್ತು ಮೂಲಸೌಕರ್ಯ ಅಭಿವೃದ್ಧಿಗೆ ಹೆಚ್ಚಿನ ಒತ್ತು ನೀಡುವ ಸಾಧ್ಯತೆ ಇದೆ. ಉದ್ಯೋಗ ಸೃಷ್ಟಿ, ಕೌಶಲ ಅಭಿವೃದ್ಧಿ ಮತ್ತು ಡಿಜಿಟಲ್ ಆರ್ಥಿಕತೆಗೆ ಆದ್ಯತೆ ದೊರೆಯಲಿದೆ ಎಂದು ತಜ್ಞರು ಅಭಿಪ್ರಾಯಪಟ್ಟಿದ್ದಾರೆ.
ಭಯೋತ್ಪಾದನೆ ವಿರುದ್ಧ ಶೂನ್ಯ ಸಹಿಷ್ಣುತೆ ಅಚಲವಾಗಿರಬೇಕು
•ಹೊಸದಿಲ್ಲಿ: ಭಯೋತ್ಪಾದನೆಯ ವಿರುದ್ಧ ಶೂನ್ಯ ಸಹಿಷ್ಣುತೆಯ ನಿಲುವು ಅಚಲವಾಗಿರಬೇಕು ಎಂದು ವಿದೇಶಾಂಗ ಸಚಿವ ಎಸ್. ಜೈಶಂಕರ್ ಹೇಳಿದ್ದಾರೆ. ಭಾರತ-ಅರಬ್ ವಿದೇಶಾಂಗ ಸಚಿವರ ಸಭೆಯಲ್ಲಿ ಮಾತನಾಡಿದ ಅವರು, ಗಡಿಯಾಚೆಗಿನ ಭಯೋತ್ಪಾದನೆ ಯಾವುದೇ ರೂಪದಲ್ಲಿದ್ದರೂ ಅದನ್ನು ಖಂಡಿಸಬೇಕು ಮತ್ತು ಸಮರ್ಥಿಸಬಾರದು. ಭಯೋತ್ಪಾದನೆ ವಿರುದ್ಧ ಜಾಗತಿಕ ಸಮುದಾಯ ಒಗ್ಗಟ್ಟಾಗಿ ಹೋರಾಡಬೇಕು ಎಂದರು.
» ಅರಬ್ ದೇಶಗಳಿಗೆ ಭಾರತ ಸ್ಪಷ್ಟ ಸಂದೇಶ
» ಪಾಕಿಸ್ತಾನಕ್ಕೆ ಪರೋಕ್ಷ ಎಚ್ಚರಿಕೆ
ಪಶ್ಚಿಮ ಏಷ್ಯಾದ ಪ್ರಸ್ತುತ ಸನ್ನಿವೇಶ, ಇಂಧನ ಭದ್ರತೆ, ವ್ಯಾಪಾರ ಮತ್ತು ಹೂಡಿಕೆ ಕುರಿತು ಸಭೆಯಲ್ಲಿ ಚರ್ಚಿಸಲಾಯಿತು. ಅರಬ್ ರಾಷ್ಟ್ರಗಳಲ್ಲಿ ವಾಸಿಸುತ್ತಿರುವ ಸುಮಾರು 90 ಲಕ್ಷ ಭಾರತೀಯರ ಕಲ್ಯಾಣದ ಬಗ್ಗೆಯೂ ಪ್ರಸ್ತಾಪಿಸಲಾಯಿತು. ಗಾಜಾ ಸಂಘರ್ಷಕ್ಕೆ ಶಾಂತಿಯುತ ಪರಿಹಾರ ಕಂಡುಕೊಳ್ಳಲು ಭಾರತ ಬೆಂಬಲ ನೀಡುತ್ತದೆ. ದ್ವಿರಾಷ್ಟ್ರ ಪರಿಹಾರವೇ ಶಾಶ್ವತ ಶಾಂತಿಗೆ ದಾರಿ ಎಂದು ಭಾರತ ಪ್ರತಿಪಾದಿಸಿದೆ.
ಭಾರತ ಮತ್ತು ಅರಬ್ ರಾಷ್ಟ್ರಗಳ ನಡುವಿನ ವ್ಯಾಪಾರ ವಹಿವಾಟು 240 ಶತಕೋಟಿ ಡಾಲರ್ ಮೀರಿದೆ. ಇದನ್ನು ಮತ್ತಷ್ಟು ಹೆಚ್ಚಿಸಲು ಉಭಯ ಪಕ್ಷಗಳು ಒಪ್ಪಿಕೊಂಡವು. ತಂತ್ರಜ್ಞಾನ, ನವೀಕರಿಸಬಹುದಾದ ಇಂಧನ, ಆಹಾರ ಭದ್ರತೆ ಕ್ಷೇತ್ರಗಳಲ್ಲಿ ಸಹಕಾರ ವಿಸ್ತರಿಸಲು ನಿರ್ಧರಿಸಲಾಯಿತು. 2803 ಹೆಸರುಗಳ ಪಟ್ಟಿಯನ್ನು ಹಂಚಿಕೊಳ್ಳಲಾಯಿತು.
